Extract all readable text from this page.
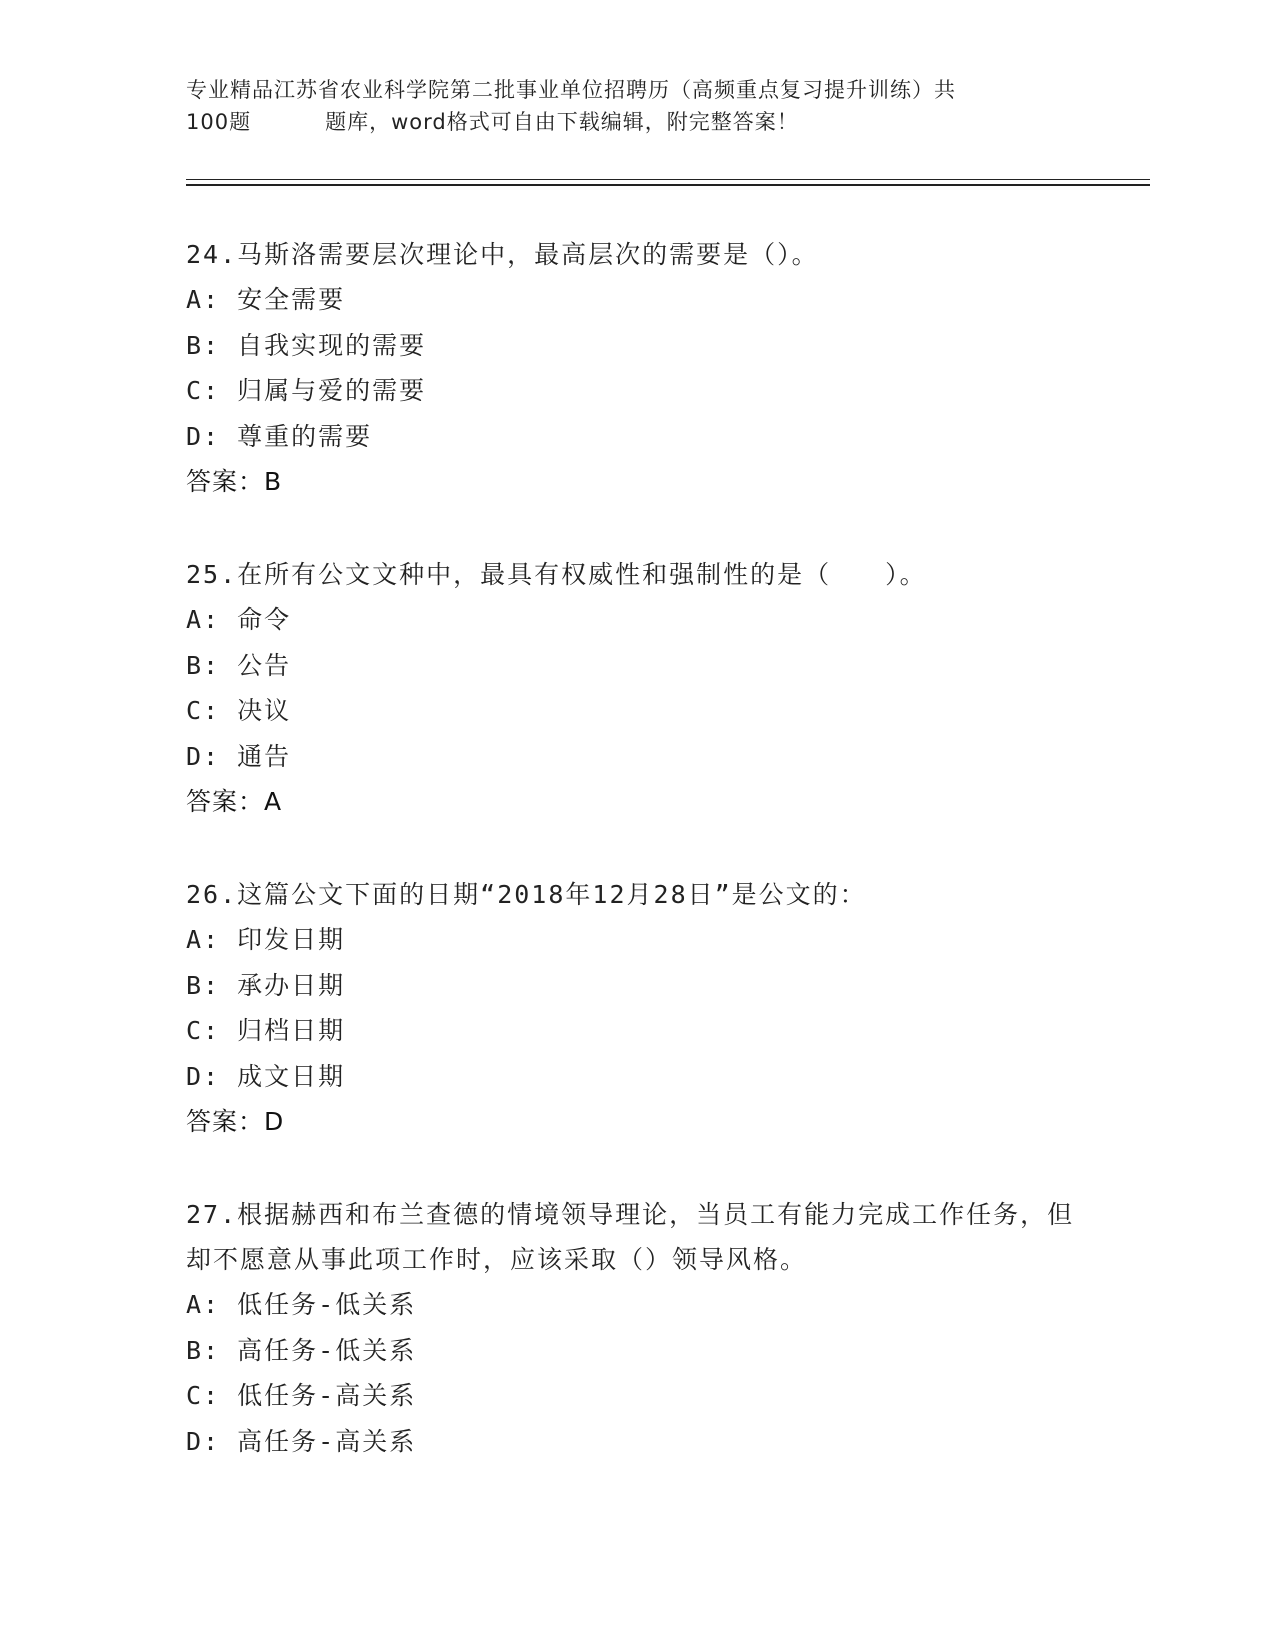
专业精品江苏省农业科学院第二批事业单位招聘历（高频重点复习提升训练）共
100题	题库，word格式可自由下载编辑，附完整答案！
24.马斯洛需要层次理论中，最高层次的需要是（）。
A: 安全需要
B: 自我实现的需要
C: 归属与爱的需要
D: 尊重的需要
答案：B
25.在所有公文文种中，最具有权威性和强制性的是（　　）。
A: 命令
B: 公告
C: 决议
D: 通告
答案：A
26.这篇公文下面的日期“2018年12月28日”是公文的：
A: 印发日期
B: 承办日期
C: 归档日期
D: 成文日期
答案：D
27.根据赫西和布兰查德的情境领导理论，当员工有能力完成工作任务，但却不愿意从事此项工作时，应该采取（）领导风格。
A: 低任务-低关系
B: 高任务-低关系
C: 低任务-高关系
D: 高任务-高关系
